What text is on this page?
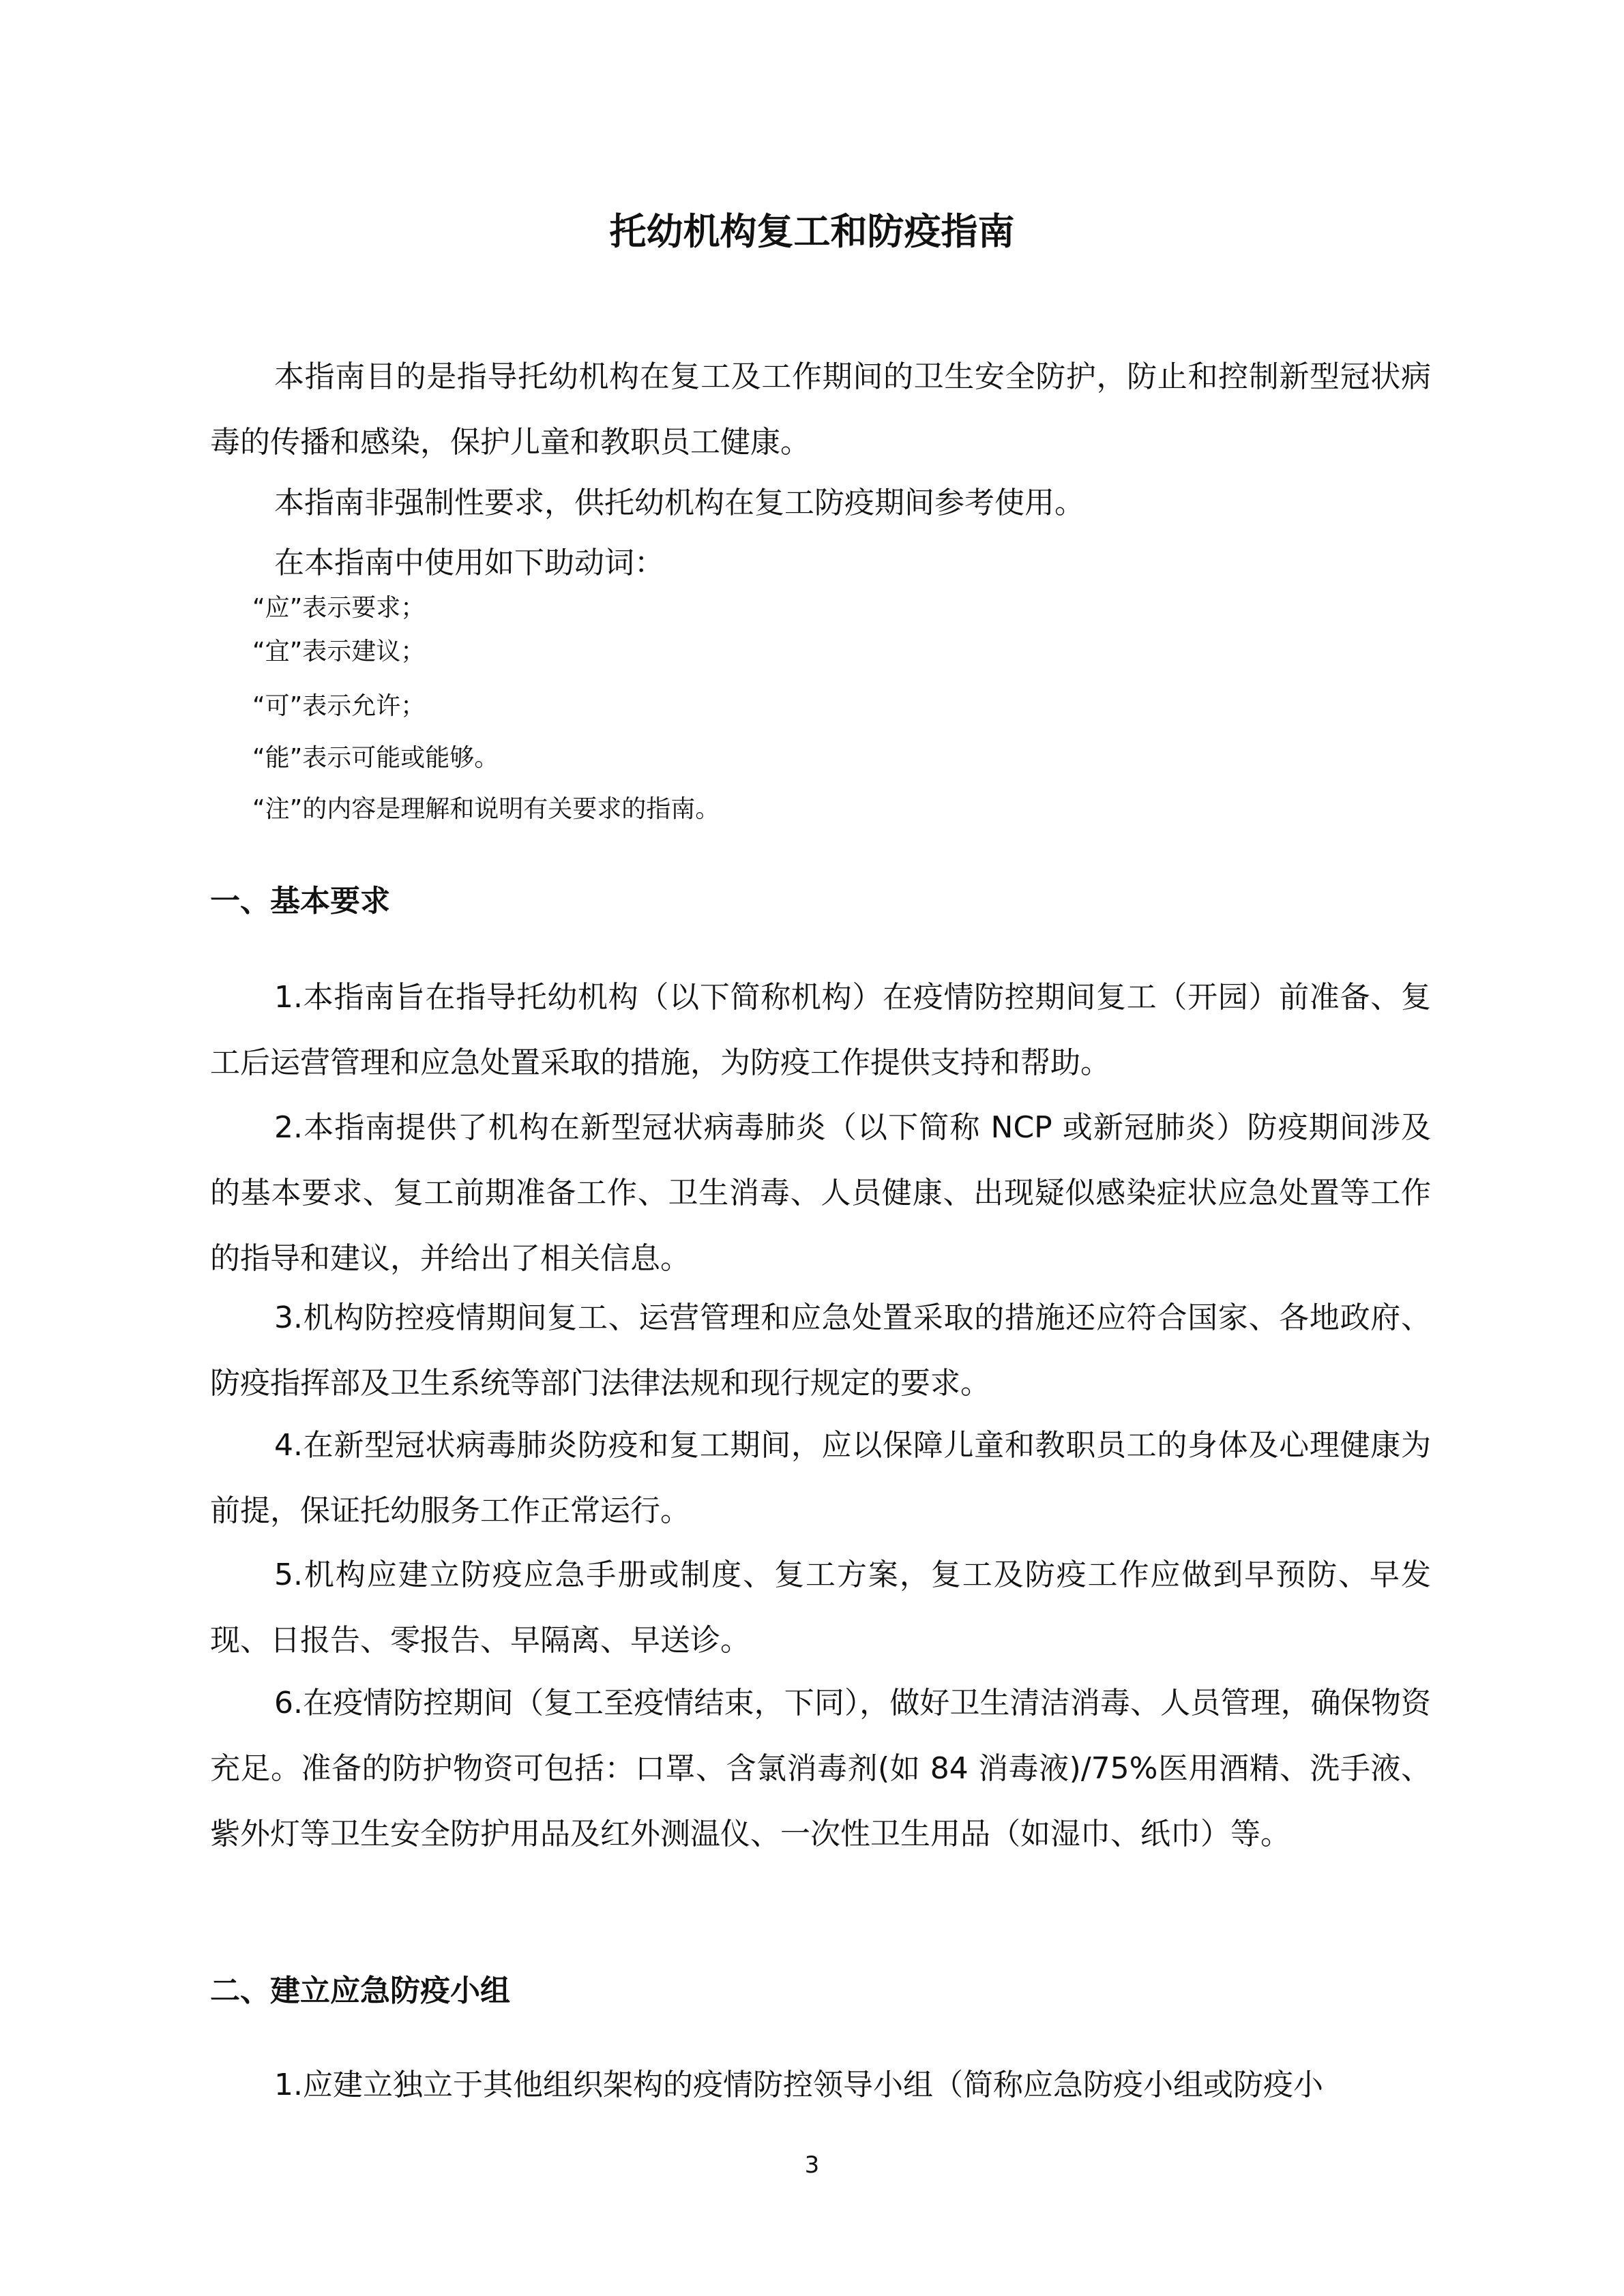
托幼机构复工和防疫指南

本指南目的是指导托幼机构在复工及工作期间的卫生安全防护，防止和控制新型冠状病毒的传播和感染，保护儿童和教职员工健康。

本指南非强制性要求，供托幼机构在复工防疫期间参考使用。

在本指南中使用如下助动词：

“应”表示要求；

“宜”表示建议；

“可”表示允许；

“能”表示可能或能够。

“注”的内容是理解和说明有关要求的指南。

一、基本要求

1.本指南旨在指导托幼机构（以下简称机构）在疫情防控期间复工（开园）前准备、复工后运营管理和应急处置采取的措施，为防疫工作提供支持和帮助。

2.本指南提供了机构在新型冠状病毒肺炎（以下简称 NCP 或新冠肺炎）防疫期间涉及的基本要求、复工前期准备工作、卫生消毒、人员健康、出现疑似感染症状应急处置等工作的指导和建议，并给出了相关信息。

3.机构防控疫情期间复工、运营管理和应急处置采取的措施还应符合国家、各地政府、防疫指挥部及卫生系统等部门法律法规和现行规定的要求。

4.在新型冠状病毒肺炎防疫和复工期间，应以保障儿童和教职员工的身体及心理健康为前提，保证托幼服务工作正常运行。

5.机构应建立防疫应急手册或制度、复工方案，复工及防疫工作应做到早预防、早发现、日报告、零报告、早隔离、早送诊。

6.在疫情防控期间（复工至疫情结束，下同），做好卫生清洁消毒、人员管理，确保物资充足。准备的防护物资可包括：口罩、含氯消毒剂(如 84 消毒液)/75%医用酒精、洗手液、紫外灯等卫生安全防护用品及红外测温仪、一次性卫生用品（如湿巾、纸巾）等。

二、建立应急防疫小组

1.应建立独立于其他组织架构的疫情防控领导小组（简称应急防疫小组或防疫小

3
